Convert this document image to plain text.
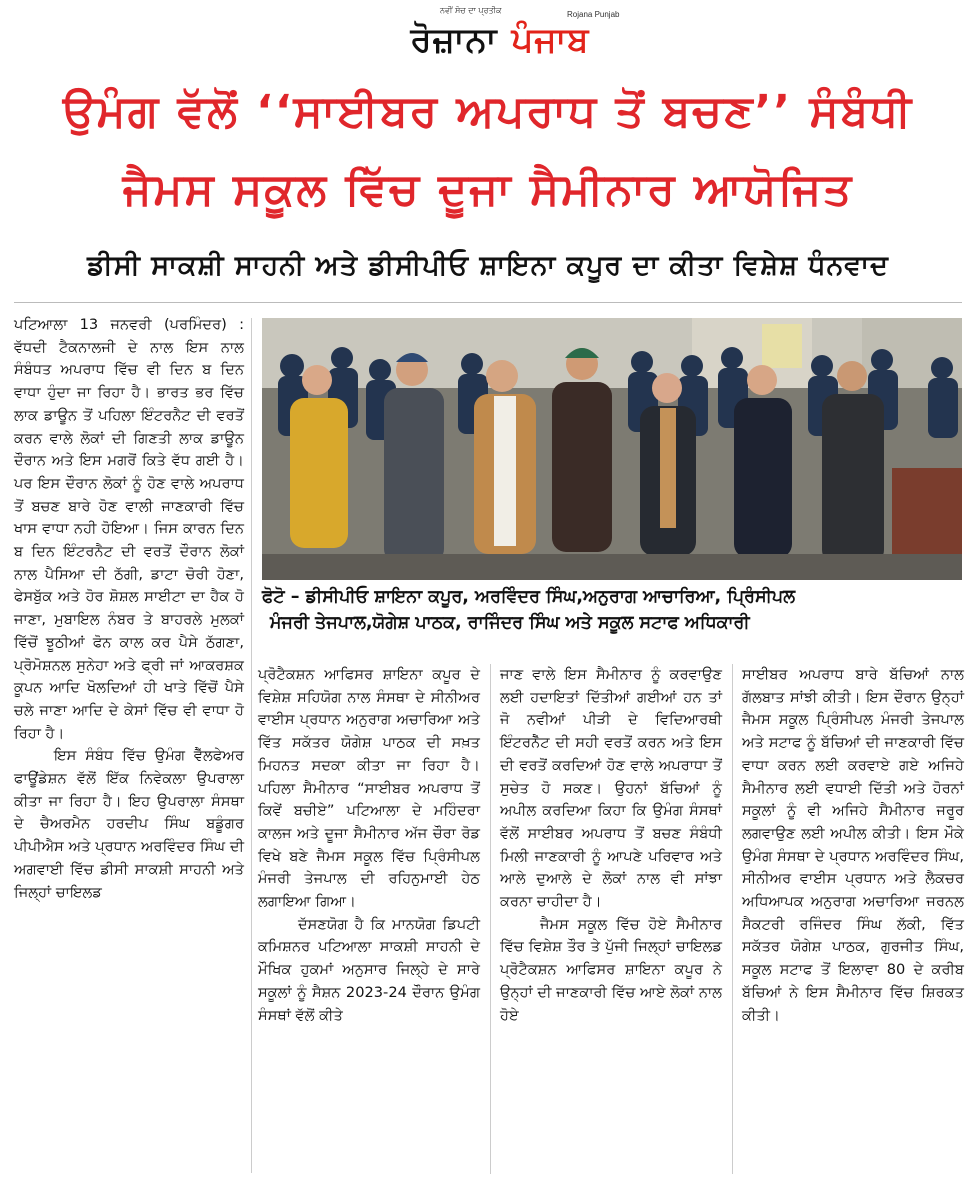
ਨਵੀਂ ਸੋਚ ਦਾ ਪ੍ਰਤੀਕ	Rojana Punjab
ਰੋਜ਼ਾਨਾ ਪੰਜਾਬ
ਉਮੰਗ ਵੱਲੋਂ ‘‘ਸਾਈਬਰ ਅਪਰਾਧ ਤੋਂ ਬਚਣ’’ ਸੰਬੰਧੀ
ਜੈਮਸ ਸਕੂਲ ਵਿੱਚ ਦੂਜਾ ਸੈਮੀਨਾਰ ਆਯੋਜਿਤ
ਡੀਸੀ ਸਾਕਸ਼ੀ ਸਾਹਨੀ ਅਤੇ ਡੀਸੀਪੀਓ ਸ਼ਾਇਨਾ ਕਪੂਰ ਦਾ ਕੀਤਾ ਵਿਸ਼ੇਸ਼ ਧੰਨਵਾਦ

ਪਟਿਆਲਾ 13 ਜਨਵਰੀ (ਪਰਮਿੰਦਰ) : ਵੱਧਦੀ ਟੈਕਨਾਲਜੀ ਦੇ ਨਾਲ ਇਸ ਨਾਲ ਸੰਬੰਧਤ ਅਪਰਾਧ ਵਿੱਚ ਵੀ ਦਿਨ ਬ ਦਿਨ ਵਾਧਾ ਹੁੰਦਾ ਜਾ ਰਿਹਾ ਹੈ। ਭਾਰਤ ਭਰ ਵਿੱਚ ਲਾਕ ਡਾਊਨ ਤੋਂ ਪਹਿਲਾ ਇੰਟਰਨੈਟ ਦੀ ਵਰਤੋਂ ਕਰਨ ਵਾਲੇ ਲੋਕਾਂ ਦੀ ਗਿਣਤੀ ਲਾਕ ਡਾਊਨ ਦੌਰਾਨ ਅਤੇ ਇਸ ਮਗਰੋਂ ਕਿਤੇ ਵੱਧ ਗਈ ਹੈ। ਪਰ ਇਸ ਦੌਰਾਨ ਲੋਕਾਂ ਨੂੰ ਹੋਣ ਵਾਲੇ ਅਪਰਾਧ ਤੋਂ ਬਚਣ ਬਾਰੇ ਹੋਣ ਵਾਲੀ ਜਾਣਕਾਰੀ ਵਿੱਚ ਖਾਸ ਵਾਧਾ ਨਹੀ ਹੋਇਆ। ਜਿਸ ਕਾਰਨ ਦਿਨ ਬ ਦਿਨ ਇੰਟਰਨੈਟ ਦੀ ਵਰਤੋਂ ਦੌਰਾਨ ਲੋਕਾਂ ਨਾਲ ਪੈਸਿਆ ਦੀ ਠੱਗੀ, ਡਾਟਾ ਚੋਰੀ ਹੋਣਾ, ਫੇਸਬੁੱਕ ਅਤੇ ਹੋਰ ਸ਼ੋਸ਼ਲ ਸਾਈਟਾ ਦਾ ਹੈਕ ਹੋ ਜਾਣਾ, ਮੁਬਾਇਲ ਨੰਬਰ ਤੇ ਬਾਹਰਲੇ ਮੁਲਕਾਂ ਵਿੱਚੋਂ ਝੂਠੀਆਂ ਫੋਨ ਕਾਲ ਕਰ ਪੈਸੇ ਠੱਗਣਾ, ਪ੍ਰੋਮੋਸ਼ਨਲ ਸੁਨੇਹਾ ਅਤੇ ਫ੍ਰੀ ਜਾਂ ਆਕਰਸ਼ਕ ਕੂਪਨ ਆਦਿ ਖੋਲਦਿਆਂ ਹੀ ਖਾਤੇ ਵਿੱਚੋਂ ਪੈਸੇ ਚਲੇ ਜਾਣਾ ਆਦਿ ਦੇ ਕੇਸਾਂ ਵਿੱਚ ਵੀ ਵਾਧਾ ਹੋ ਰਿਹਾ ਹੈ।

ਇਸ ਸੰਬੰਧ ਵਿੱਚ ਉਮੰਗ ਵੈੱਲਫੇਅਰ ਫਾਊਂਡੇਸ਼ਨ ਵੱਲੋਂ ਇੱਕ ਨਿਵੇਕਲਾ ਉਪਰਾਲਾ ਕੀਤਾ ਜਾ ਰਿਹਾ ਹੈ। ਇਹ ਉਪਰਾਲਾ ਸੰਸਥਾ ਦੇ ਚੈਅਰਮੈਨ ਹਰਦੀਪ ਸਿੰਘ ਬਡੂੰਗਰ ਪੀਪੀਐਸ ਅਤੇ ਪ੍ਰਧਾਨ ਅਰਵਿੰਦਰ ਸਿੰਘ ਦੀ ਅਗਵਾਈ ਵਿੱਚ ਡੀਸੀ ਸਾਕਸ਼ੀ ਸਾਹਨੀ ਅਤੇ ਜਿਲ੍ਹਾਂ ਚਾਇਲਡ

ਫੋਟੋ – ਡੀਸੀਪੀਓ ਸ਼ਾਇਨਾ ਕਪੂਰ, ਅਰਵਿੰਦਰ ਸਿੰਘ,ਅਨੁਰਾਗ ਆਚਾਰਿਆ, ਪ੍ਰਿੰਸੀਪਲ

ਮੰਜਰੀ ਤੇਜਪਾਲ,ਯੋਗੇਸ਼ ਪਾਠਕ, ਰਾਜਿੰਦਰ ਸਿੰਘ ਅਤੇ ਸਕੂਲ ਸਟਾਫ ਅਧਿਕਾਰੀ

ਪ੍ਰੋਟੈਕਸ਼ਨ ਆਫਿਸਰ ਸ਼ਾਇਨਾ ਕਪੂਰ ਦੇ ਵਿਸ਼ੇਸ਼ ਸਹਿਯੋਗ ਨਾਲ ਸੰਸਥਾ ਦੇ ਸੀਨੀਅਰ ਵਾਈਸ ਪ੍ਰਧਾਨ ਅਨੁਰਾਗ ਅਚਾਰਿਆ ਅਤੇ ਵਿੱਤ ਸਕੱਤਰ ਯੋਗੇਸ਼ ਪਾਠਕ ਦੀ ਸਖ਼ਤ ਮਿਹਨਤ ਸਦਕਾ ਕੀਤਾ ਜਾ ਰਿਹਾ ਹੈ। ਪਹਿਲਾ ਸੈਮੀਨਾਰ “ਸਾਈਬਰ ਅਪਰਾਧ ਤੋਂ ਕਿਵੇਂ ਬਚੀਏ” ਪਟਿਆਲਾ ਦੇ ਮਹਿੰਦਰਾ ਕਾਲਜ ਅਤੇ ਦੂਜਾ ਸੈਮੀਨਾਰ ਅੱਜ ਚੌਰਾ ਰੋਡ ਵਿਖੇ ਬਣੇ ਜੈਮਸ ਸਕੂਲ ਵਿੱਚ ਪ੍ਰਿੰਸੀਪਲ ਮੰਜਰੀ ਤੇਜਪਾਲ ਦੀ ਰਹਿਨੁਮਾਈ ਹੇਠ ਲਗਾਇਆ ਗਿਆ।

ਦੱਸਣਯੋਗ ਹੈ ਕਿ ਮਾਨਯੋਗ ਡਿਪਟੀ ਕਮਿਸ਼ਨਰ ਪਟਿਆਲਾ ਸਾਕਸ਼ੀ ਸਾਹਨੀ ਦੇ ਮੌਖਿਕ ਹੁਕਮਾਂ ਅਨੁਸਾਰ ਜਿਲ੍ਹੇ ਦੇ ਸਾਰੇ ਸਕੂਲਾਂ ਨੂੰ ਸੈਸ਼ਨ 2023-24 ਦੌਰਾਨ ਉਮੰਗ ਸੰਸਥਾਂ ਵੱਲੋਂ ਕੀਤੇ

ਜਾਣ ਵਾਲੇ ਇਸ ਸੈਮੀਨਾਰ ਨੂੰ ਕਰਵਾਉਣ ਲਈ ਹਦਾਇਤਾਂ ਦਿੱਤੀਆਂ ਗਈਆਂ ਹਨ ਤਾਂ ਜੋ ਨਵੀਆਂ ਪੀੜੀ ਦੇ ਵਿਦਿਆਰਥੀ ਇੰਟਰਨੈੱਟ ਦੀ ਸਹੀ ਵਰਤੋਂ ਕਰਨ ਅਤੇ ਇਸ ਦੀ ਵਰਤੋਂ ਕਰਦਿਆਂ ਹੋਣ ਵਾਲੇ ਅਪਰਾਧਾ ਤੋਂ ਸੁਚੇਤ ਹੋ ਸਕਣ। ਉਹਨਾਂ ਬੱਚਿਆਂ ਨੂੰ ਅਪੀਲ ਕਰਦਿਆ ਕਿਹਾ ਕਿ ਉਮੰਗ ਸੰਸਥਾਂ ਵੱਲੋਂ ਸਾਈਬਰ ਅਪਰਾਧ ਤੋਂ ਬਚਣ ਸੰਬੰਧੀ ਮਿਲੀ ਜਾਣਕਾਰੀ ਨੂੰ ਆਪਣੇ ਪਰਿਵਾਰ ਅਤੇ ਆਲੇ ਦੁਆਲੇ ਦੇ ਲੋਕਾਂ ਨਾਲ ਵੀ ਸਾਂਝਾ ਕਰਨਾ ਚਾਹੀਦਾ ਹੈ।

ਜੈਮਸ ਸਕੂਲ ਵਿੱਚ ਹੋਏ ਸੈਮੀਨਾਰ ਵਿੱਚ ਵਿਸ਼ੇਸ਼ ਤੌਰ ਤੇ ਪੁੱਜੀ ਜਿਲ੍ਹਾਂ ਚਾਇਲਡ ਪ੍ਰੋਟੈਕਸ਼ਨ ਆਫਿਸਰ ਸ਼ਾਇਨਾ ਕਪੂਰ ਨੇ ਉਨ੍ਹਾਂ ਦੀ ਜਾਣਕਾਰੀ ਵਿੱਚ ਆਏ ਲੋਕਾਂ ਨਾਲ ਹੋਏ

ਸਾਈਬਰ ਅਪਰਾਧ ਬਾਰੇ ਬੱਚਿਆਂ ਨਾਲ ਗੱਲਬਾਤ ਸਾਂਝੀ ਕੀਤੀ। ਇਸ ਦੌਰਾਨ ਉਨ੍ਹਾਂ ਜੈਮਸ ਸਕੂਲ ਪ੍ਰਿੰਸੀਪਲ ਮੰਜਰੀ ਤੇਜਪਾਲ ਅਤੇ ਸਟਾਫ ਨੂੰ ਬੱਚਿਆਂ ਦੀ ਜਾਣਕਾਰੀ ਵਿੱਚ ਵਾਧਾ ਕਰਨ ਲਈ ਕਰਵਾਏ ਗਏ ਅਜਿਹੇ ਸੈਮੀਨਾਰ ਲਈ ਵਧਾਈ ਦਿੱਤੀ ਅਤੇ ਹੋਰਨਾਂ ਸਕੂਲਾਂ ਨੂੰ ਵੀ ਅਜਿਹੇ ਸੈਮੀਨਾਰ ਜਰੂਰ ਲਗਵਾਉਣ ਲਈ ਅਪੀਲ ਕੀਤੀ। ਇਸ ਮੌਕੇ ਉਮੰਗ ਸੰਸਥਾ ਦੇ ਪ੍ਰਧਾਨ ਅਰਵਿੰਦਰ ਸਿੰਘ, ਸੀਨੀਅਰ ਵਾਈਸ ਪ੍ਰਧਾਨ ਅਤੇ ਲੈਕਚਰ ਅਧਿਆਪਕ ਅਨੁਰਾਗ ਅਚਾਰਿਆ ਜਰਨਲ ਸੈਕਟਰੀ ਰਜਿੰਦਰ ਸਿੰਘ ਲੱਕੀ, ਵਿੱਤ ਸਕੱਤਰ ਯੋਗੇਸ਼ ਪਾਠਕ, ਗੁਰਜੀਤ ਸਿੰਘ, ਸਕੂਲ ਸਟਾਫ ਤੋਂ ਇਲਾਵਾ 80 ਦੇ ਕਰੀਬ ਬੱਚਿਆਂ ਨੇ ਇਸ ਸੈਮੀਨਾਰ ਵਿੱਚ ਸ਼ਿਰਕਤ ਕੀਤੀ।
